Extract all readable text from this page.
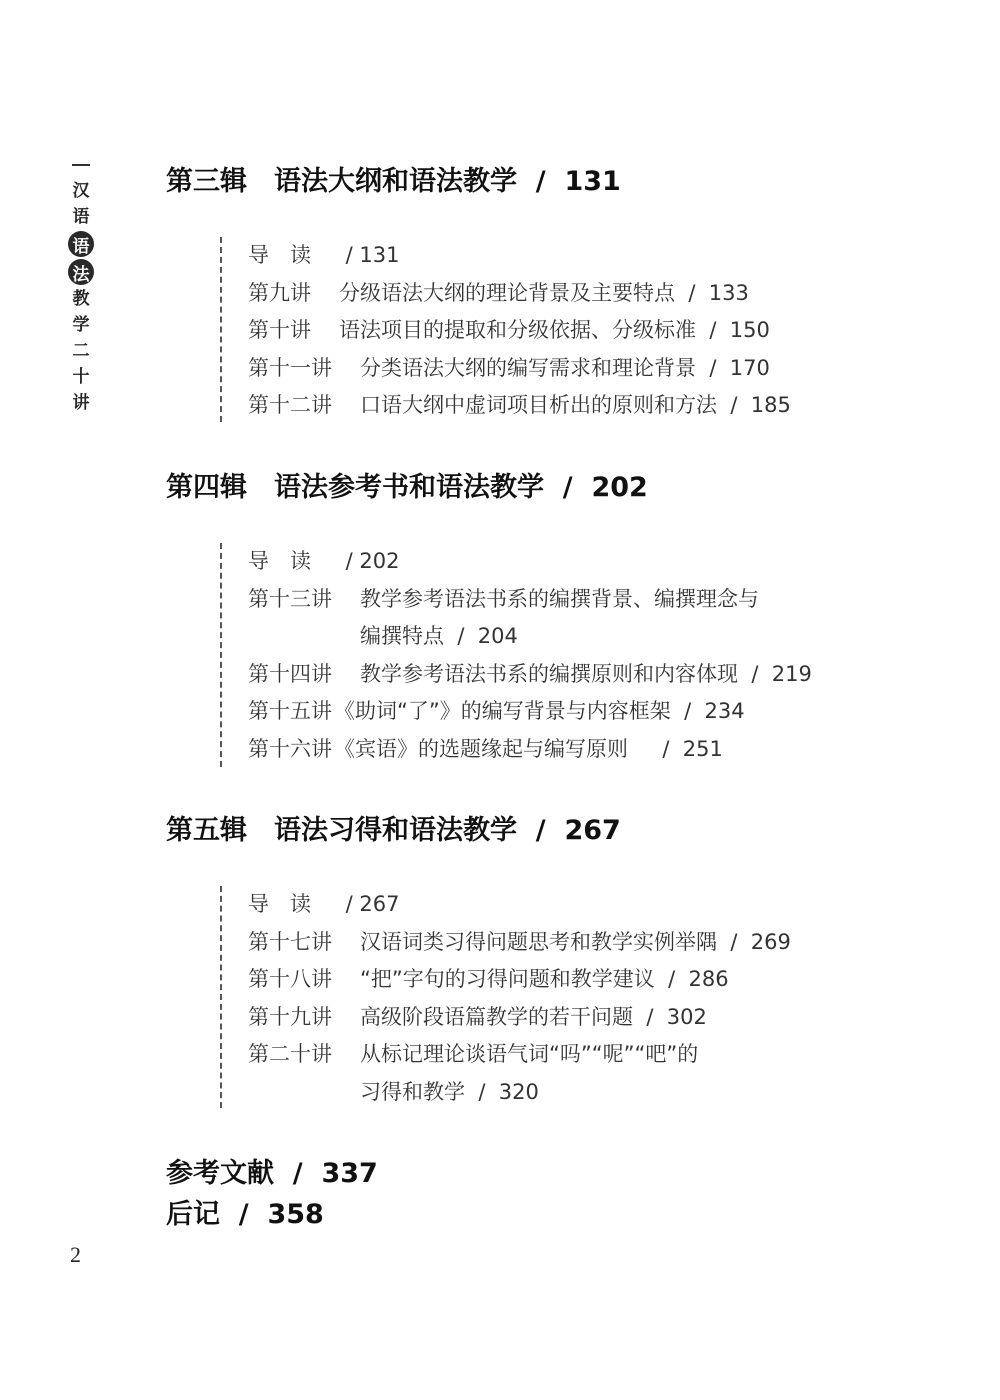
汉
语
语
法
教
学
二
十
讲
第三辑　语法大纲和语法教学  /  131
导　读 / 131
第九讲 分级语法大纲的理论背景及主要特点  /  133
第十讲 语法项目的提取和分级依据、分级标准  /  150
第十一讲 分类语法大纲的编写需求和理论背景  /  170
第十二讲 口语大纲中虚词项目析出的原则和方法  /  185
第四辑　语法参考书和语法教学  /  202
导　读 / 202
第十三讲 教学参考语法书系的编撰背景、编撰理念与
编撰特点  /  204
第十四讲 教学参考语法书系的编撰原则和内容体现  /  219
第十五讲 《助词“了”》的编写背景与内容框架  /  234
第十六讲 《宾语》的选题缘起与编写原则　  /  251
第五辑　语法习得和语法教学  /  267
导　读 / 267
第十七讲 汉语词类习得问题思考和教学实例举隅  /  269
第十八讲 “把”字句的习得问题和教学建议  /  286
第十九讲 高级阶段语篇教学的若干问题  /  302
第二十讲 从标记理论谈语气词“吗”“呢”“吧”的
习得和教学  /  320
参考文献  /  337
后记  /  358
2
